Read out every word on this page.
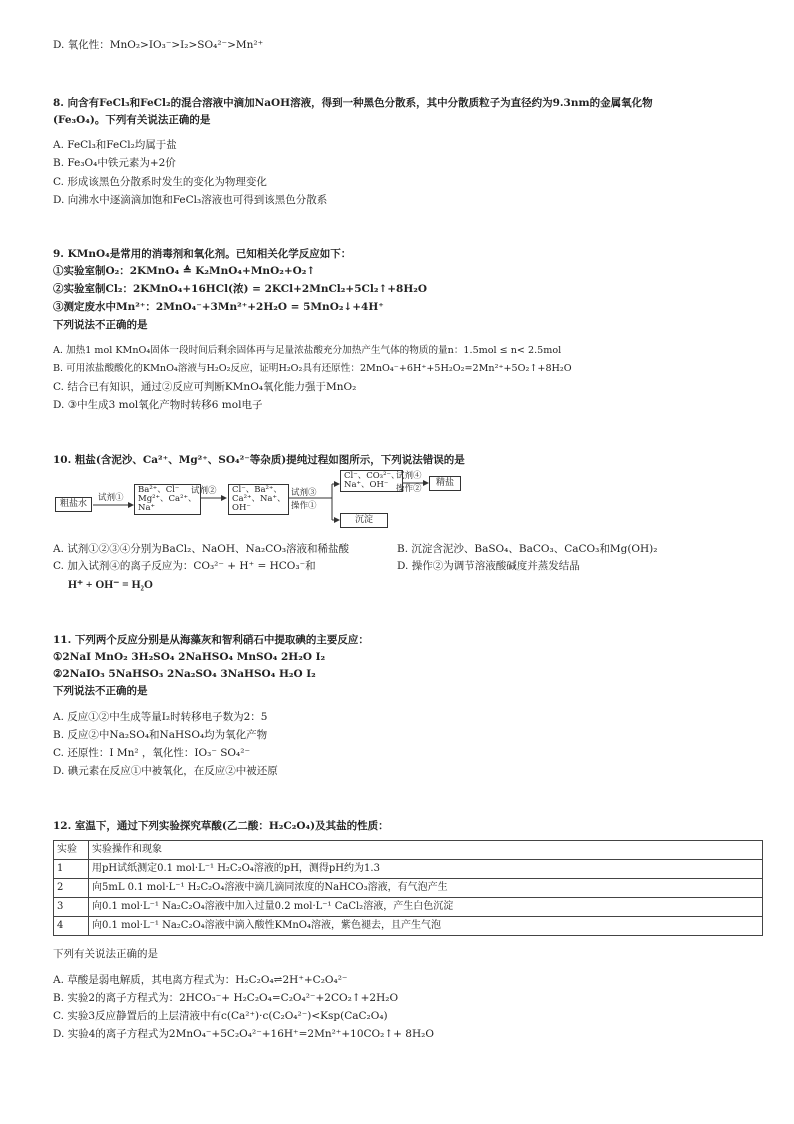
D. 氧化性：MnO₂>IO₃⁻>I₂>SO₄²⁻>Mn²⁺
8. 向含有FeCl₃和FeCl₂的混合溶液中滴加NaOH溶液，得到一种黑色分散系，其中分散质粒子为直径约为9.3nm的金属氧化物
(Fe₃O₄)。下列有关说法正确的是
A. FeCl₃和FeCl₂均属于盐
B. Fe₃O₄中铁元素为+2价
C. 形成该黑色分散系时发生的变化为物理变化
D. 向沸水中逐滴滴加饱和FeCl₃溶液也可得到该黑色分散系
9. KMnO₄是常用的消毒剂和氧化剂。已知相关化学反应如下：
①实验室制O₂：2KMnO₄ ≜ K₂MnO₄+MnO₂+O₂↑
②实验室制Cl₂：2KMnO₄+16HCl(浓) = 2KCl+2MnCl₂+5Cl₂↑+8H₂O
③测定废水中Mn²⁺：2MnO₄⁻+3Mn²⁺+2H₂O = 5MnO₂↓+4H⁺
下列说法不正确的是
A. 加热1 mol KMnO₄固体一段时间后剩余固体再与足量浓盐酸充分加热产生气体的物质的量n：1.5mol ≤ n< 2.5mol
B. 可用浓盐酸酸化的KMnO₄溶液与H₂O₂反应，证明H₂O₂具有还原性：2MnO₄⁻+6H⁺+5H₂O₂=2Mn²⁺+5O₂↑+8H₂O
C. 结合已有知识，通过②反应可判断KMnO₄氧化能力强于MnO₂
D. ③中生成3 mol氧化产物时转移6 mol电子
10. 粗盐(含泥沙、Ca²⁺、Mg²⁺、SO₄²⁻等杂质)提纯过程如图所示，下列说法错误的是
粗盐水
试剂①
Ba²⁺、Cl⁻
Mg²⁺、Ca²⁺、
Na⁺
试剂② Cl⁻、Ba²⁺、
Ca²⁺、Na⁺、
OH⁻
试剂③
操作①
Cl⁻、CO₃²⁻、
Na⁺、OH⁻
试剂④
操作②
精盐
沉淀
A. 试剂①②③④分别为BaCl₂、NaOH、Na₂CO₃溶液和稀盐酸	B. 沉淀含泥沙、BaSO₄、BaCO₃、CaCO₃和Mg(OH)₂
C. 加入试剂④的离子反应为：CO₃²⁻ + H⁺ = HCO₃⁻和
H⁺ + OH⁻ = H₂O
D. 操作②为调节溶液酸碱度并蒸发结晶
11. 下列两个反应分别是从海藻灰和智利硝石中提取碘的主要反应：
①2NaI MnO₂ 3H₂SO₄ 2NaHSO₄ MnSO₄ 2H₂O I₂
②2NaIO₃ 5NaHSO₃ 2Na₂SO₄ 3NaHSO₄ H₂O I₂
下列说法不正确的是
A. 反应①②中生成等量I₂时转移电子数为2：5
B. 反应②中Na₂SO₄和NaHSO₄均为氧化产物
C. 还原性：I Mn² ，氧化性：IO₃⁻ SO₄²⁻
D. 碘元素在反应①中被氧化，在反应②中被还原
12. 室温下，通过下列实验探究草酸(乙二酸：H₂C₂O₄)及其盐的性质：
实验	实验操作和现象
1	用pH试纸测定0.1 mol·L⁻¹ H₂C₂O₄溶液的pH，测得pH约为1.3
2	向5mL 0.1 mol·L⁻¹ H₂C₂O₄溶液中滴几滴同浓度的NaHCO₃溶液，有气泡产生
3	向0.1 mol·L⁻¹ Na₂C₂O₄溶液中加入过量0.2 mol·L⁻¹ CaCl₂溶液，产生白色沉淀
4	向0.1 mol·L⁻¹ Na₂C₂O₄溶液中滴入酸性KMnO₄溶液，紫色褪去，且产生气泡
下列有关说法正确的是
A. 草酸是弱电解质，其电离方程式为：H₂C₂O₄⇌2H⁺+C₂O₄²⁻
B. 实验2的离子方程式为：2HCO₃⁻+ H₂C₂O₄=C₂O₄²⁻+2CO₂↑+2H₂O
C. 实验3反应静置后的上层清液中有c(Ca²⁺)·c(C₂O₄²⁻)<Ksp(CaC₂O₄)
D. 实验4的离子方程式为2MnO₄⁻+5C₂O₄²⁻+16H⁺=2Mn²⁺+10CO₂↑+ 8H₂O
